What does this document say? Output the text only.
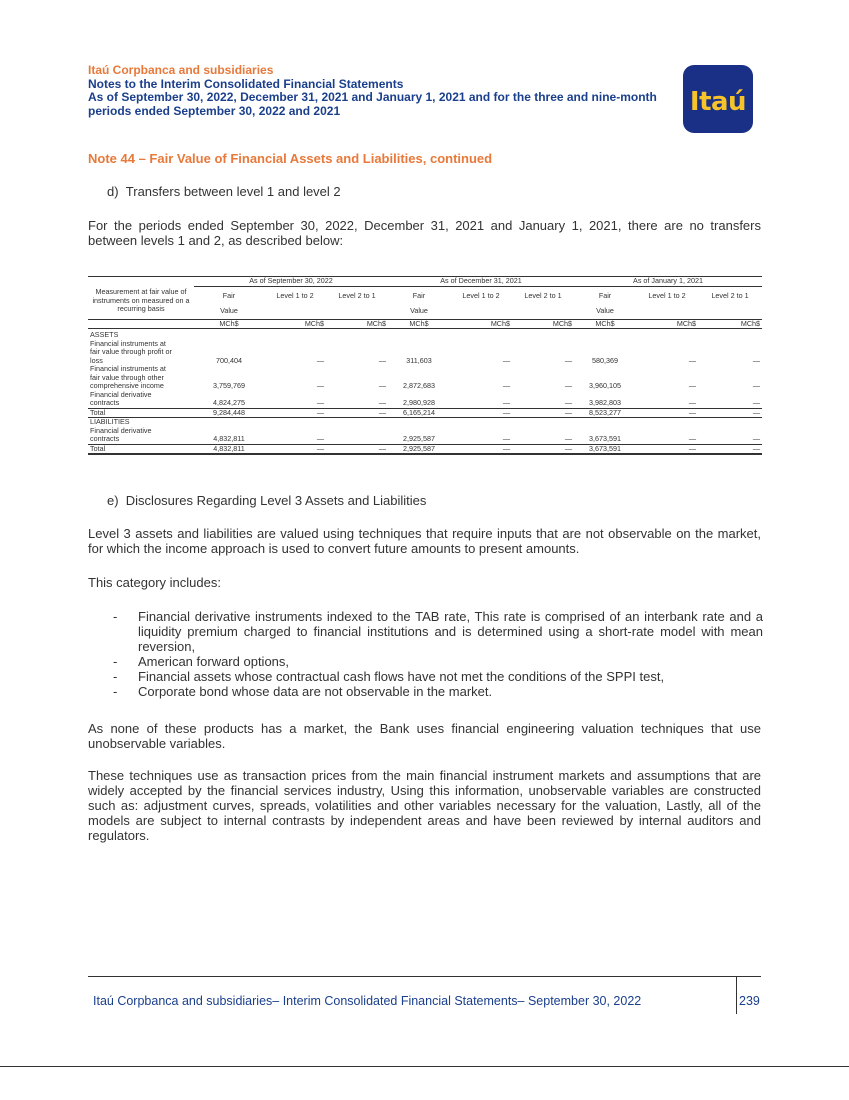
Itaú Corpbanca and subsidiaries
Notes to the Interim Consolidated Financial Statements
As of September 30, 2022, December 31, 2021 and January 1, 2021 and for the three and nine-month periods ended September 30, 2022 and 2021	Itaú
Note 44 – Fair Value of Financial Assets and Liabilities, continued
d)  Transfers between level 1 and level 2
For the periods ended September 30, 2022, December 31, 2021 and January 1, 2021, there are no transfers between levels 1 and 2, as described below:
Measurement at fair value of instruments on measured on a recurring basis	As of September 30, 2022			As of December 31, 2021			As of January 1, 2021		
	Fair	Level 1 to 2	Level 2 to 1	Fair	Level 1 to 2	Level 2 to 1	Fair	Level 1 to 2	Level 2 to 1
	Value			Value			Value		
	MCh$	MCh$	MCh$	MCh$	MCh$	MCh$	MCh$	MCh$	MCh$
ASSETS									
Financial instruments at									
fair value through profit or									
loss	700,404	—	—	311,603	—	—	580,369	—	—
Financial instruments at									
fair value through other									
comprehensive income	3,759,769	—	—	2,872,683	—	—	3,960,105	—	—
Financial derivative									
contracts	4,824,275	—	—	2,980,928	—	—	3,982,803	—	—
Total	9,284,448	—	—	6,165,214	—	—	8,523,277	—	—
LIABILITIES									
Financial derivative									
contracts	4,832,811	—		2,925,587	—	—	3,673,591	—	—
Total	4,832,811	—	—	2,925,587	—	—	3,673,591	—	—
e)  Disclosures Regarding Level 3 Assets and Liabilities
Level 3 assets and liabilities are valued using techniques that require inputs that are not observable on the market, for which the income approach is used to convert future amounts to present amounts.
This category includes:
- Financial derivative instruments indexed to the TAB rate, This rate is comprised of an interbank rate and a liquidity premium charged to financial institutions and is determined using a short-rate model with mean reversion,
- American forward options,
- Financial assets whose contractual cash flows have not met the conditions of the SPPI test,
- Corporate bond whose data are not observable in the market.
As none of these products has a market, the Bank uses financial engineering valuation techniques that use unobservable variables.
These techniques use as transaction prices from the main financial instrument markets and assumptions that are widely accepted by the financial services industry, Using this information, unobservable variables are constructed such as: adjustment curves, spreads, volatilities and other variables necessary for the valuation, Lastly, all of the models are subject to internal contrasts by independent areas and have been reviewed by internal auditors and regulators.
Itaú Corpbanca and subsidiaries– Interim Consolidated Financial Statements– September 30, 2022	239
